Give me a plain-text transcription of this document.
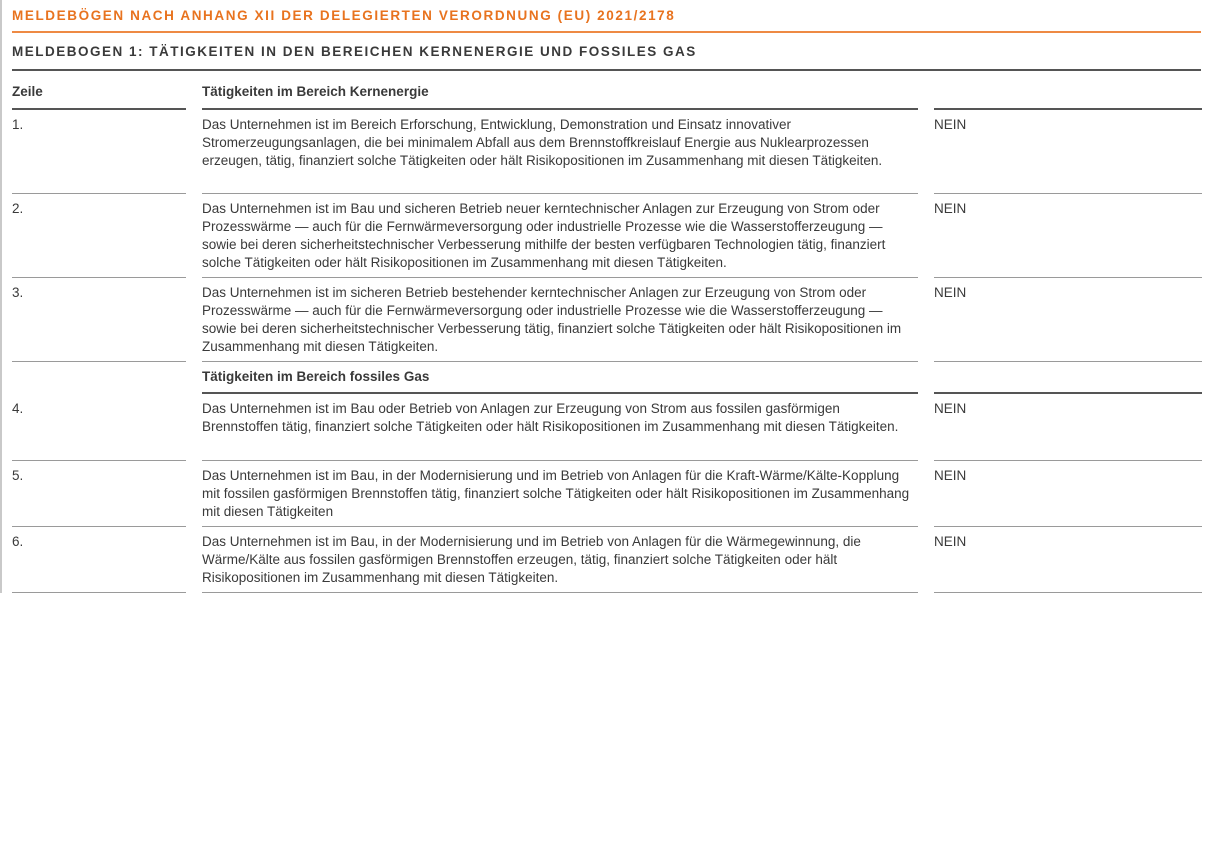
MELDEBÖGEN NACH ANHANG XII DER DELEGIERTEN VERORDNUNG (EU) 2021/2178
MELDEBOGEN 1: TÄTIGKEITEN IN DEN BEREICHEN KERNENERGIE UND FOSSILES GAS
Zeile	Tätigkeiten im Bereich Kernenergie
1.	Das Unternehmen ist im Bereich Erforschung, Entwicklung, Demonstration und Einsatz innovativer Stromerzeugungsanlagen, die bei minimalem Abfall aus dem Brennstoffkreislauf Energie aus Nuklearprozessen erzeugen, tätig, finanziert solche Tätigkeiten oder hält Risikopositionen im Zusammenhang mit diesen Tätigkeiten.
NEIN
2.	Das Unternehmen ist im Bau und sicheren Betrieb neuer kerntechnischer Anlagen zur Erzeugung von Strom oder Prozesswärme — auch für die Fernwärmeversorgung oder industrielle Prozesse wie die Wasserstofferzeugung — sowie bei deren sicherheitstechnischer Verbesserung mithilfe der besten verfügbaren Technologien tätig, finanziert solche Tätigkeiten oder hält Risikopositionen im Zusammenhang mit diesen Tätigkeiten.
NEIN
3.	Das Unternehmen ist im sicheren Betrieb bestehender kerntechnischer Anlagen zur Erzeugung von Strom oder Prozesswärme — auch für die Fernwärmeversorgung oder industrielle Prozesse wie die Wasserstofferzeugung — sowie bei deren sicherheitstechnischer Verbesserung tätig, finanziert solche Tätigkeiten oder hält Risikopositionen im Zusammenhang mit diesen Tätigkeiten.
NEIN
Tätigkeiten im Bereich fossiles Gas
4.	Das Unternehmen ist im Bau oder Betrieb von Anlagen zur Erzeugung von Strom aus fossilen gasförmigen Brennstoffen tätig, finanziert solche Tätigkeiten oder hält Risikopositionen im Zusammenhang mit diesen Tätigkeiten.
NEIN
5.	Das Unternehmen ist im Bau, in der Modernisierung und im Betrieb von Anlagen für die Kraft-Wärme/Kälte-Kopplung mit fossilen gasförmigen Brennstoffen tätig, finanziert solche Tätigkeiten oder hält Risikopositionen im Zusammenhang mit diesen Tätigkeiten
NEIN
6.	Das Unternehmen ist im Bau, in der Modernisierung und im Betrieb von Anlagen für die Wärmegewinnung, die Wärme/Kälte aus fossilen gasförmigen Brennstoffen erzeugen, tätig, finanziert solche Tätigkeiten oder hält Risikopositionen im Zusammenhang mit diesen Tätigkeiten.
NEIN
